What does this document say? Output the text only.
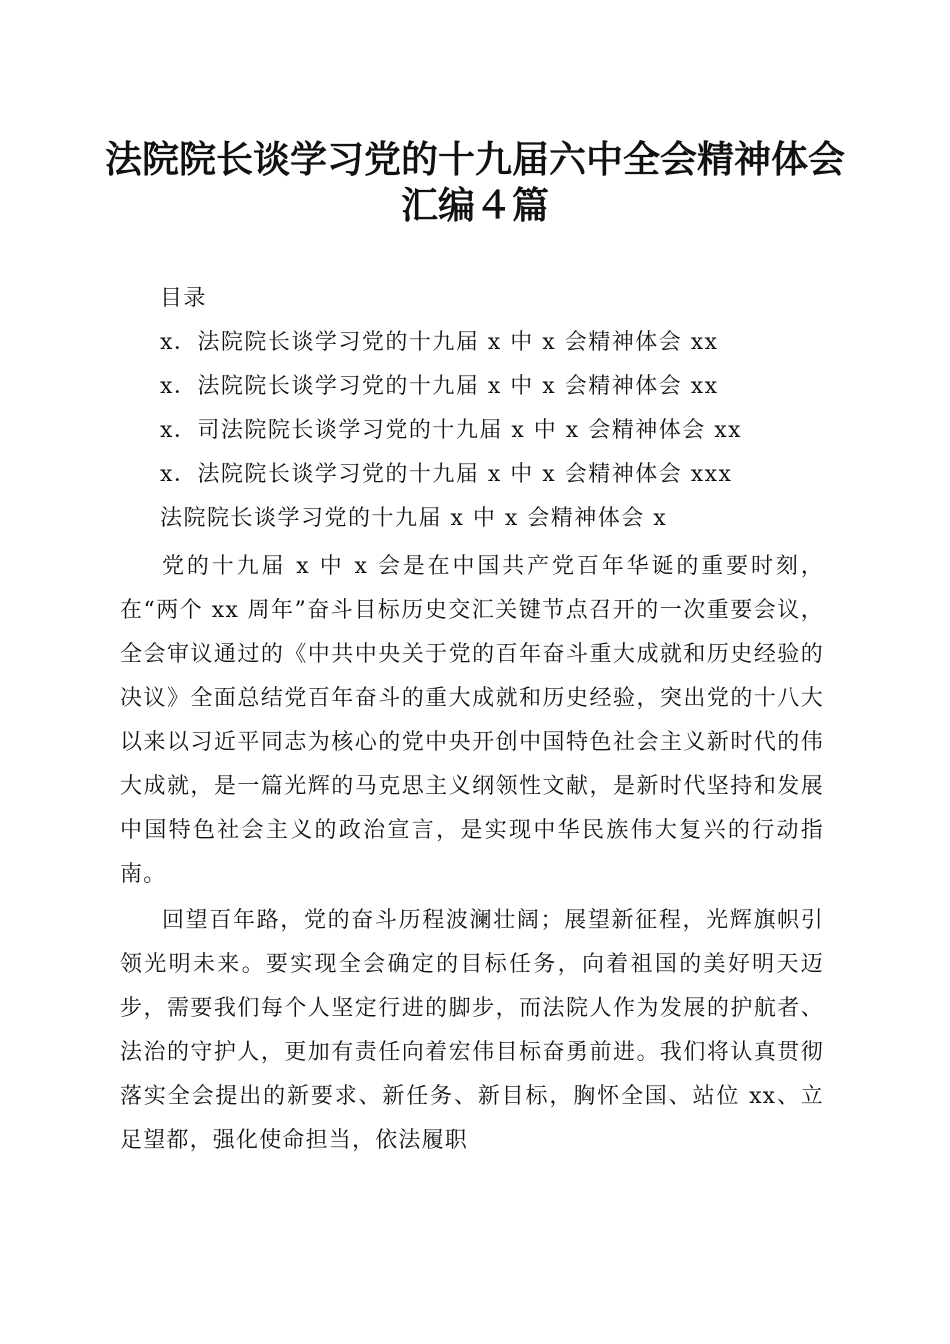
法院院长谈学习党的十九届六中全会精神体会
汇编４篇
目录
x．法院院长谈学习党的十九届 x 中 x 会精神体会 xx
x．法院院长谈学习党的十九届 x 中 x 会精神体会 xx
x．司法院院长谈学习党的十九届 x 中 x 会精神体会 xx
x．法院院长谈学习党的十九届 x 中 x 会精神体会 xxx

法院院长谈学习党的十九届 x 中 x 会精神体会 x

党的十九届 x 中 x 会是在中国共产党百年华诞的重要时刻，在“两个 xx 周年”奋斗目标历史交汇关键节点召开的一次重要会议，全会审议通过的《中共中央关于党的百年奋斗重大成就和历史经验的决议》全面总结党百年奋斗的重大成就和历史经验，突出党的十八大以来以习近平同志为核心的党中央开创中国特色社会主义新时代的伟大成就，是一篇光辉的马克思主义纲领性文献，是新时代坚持和发展中国特色社会主义的政治宣言，是实现中华民族伟大复兴的行动指南。

回望百年路，党的奋斗历程波澜壮阔；展望新征程，光辉旗帜引领光明未来。要实现全会确定的目标任务，向着祖国的美好明天迈步，需要我们每个人坚定行进的脚步，而法院人作为发展的护航者、法治的守护人，更加有责任向着宏伟目标奋勇前进。我们将认真贯彻落实全会提出的新要求、新任务、新目标，胸怀全国、站位 xx、立足望都，强化使命担当，依法履职
